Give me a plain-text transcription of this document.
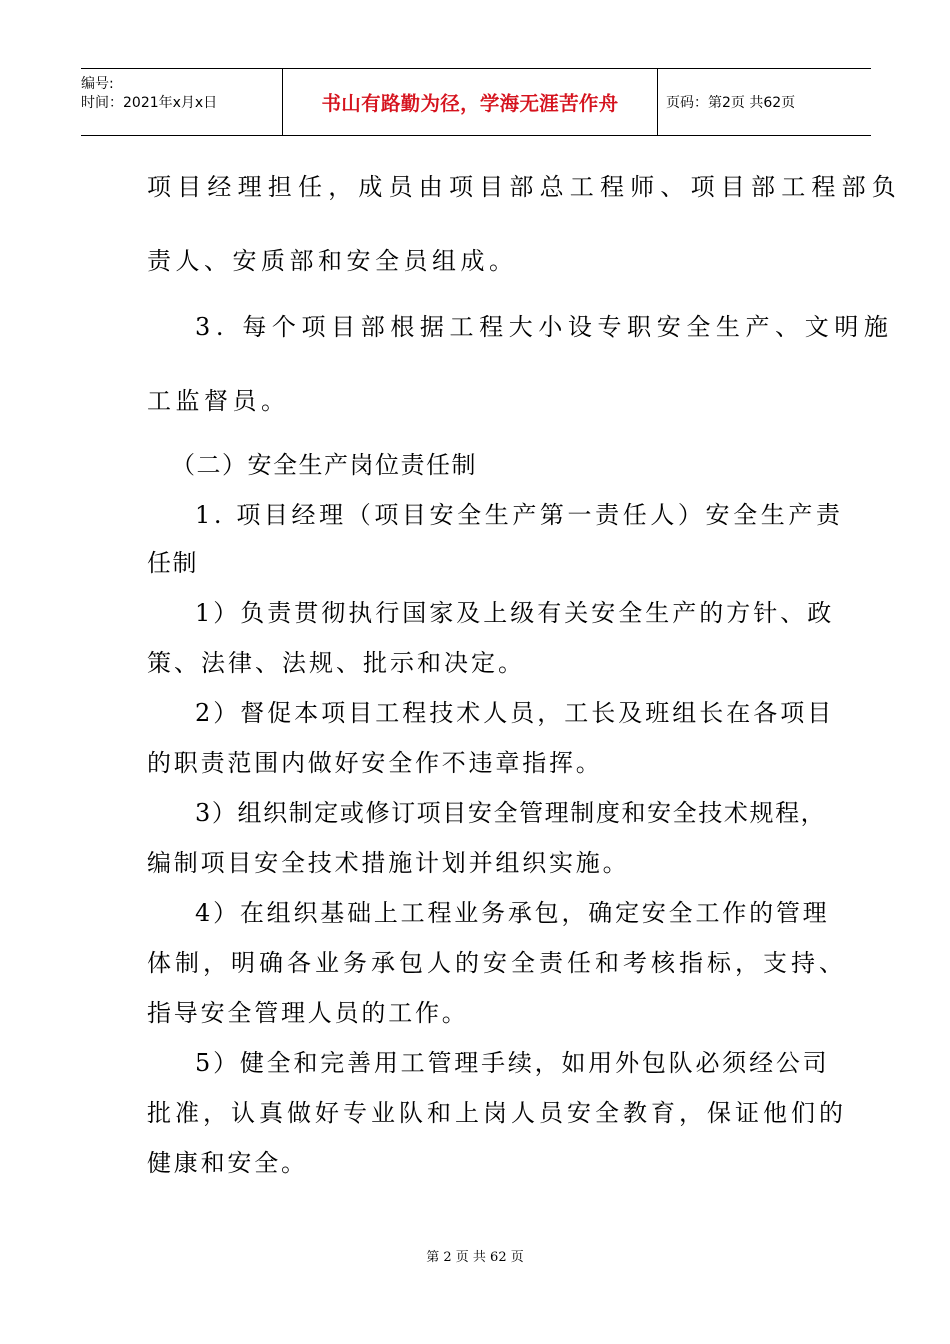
编号:
时间：2021年x月x日	书山有路勤为径，学海无涯苦作舟	页码：第2页 共62页
项目经理担任，成员由项目部总工程师、项目部工程部负
责人、安质部和安全员组成。
3. 每个项目部根据工程大小设专职安全生产、文明施
工监督员。
（二）安全生产岗位责任制
1. 项目经理（项目安全生产第一责任人）安全生产责
任制
1）负责贯彻执行国家及上级有关安全生产的方针、政
策、法律、法规、批示和决定。
2）督促本项目工程技术人员，工长及班组长在各项目
的职责范围内做好安全作不违章指挥。
3）组织制定或修订项目安全管理制度和安全技术规程，
编制项目安全技术措施计划并组织实施。
4）在组织基础上工程业务承包，确定安全工作的管理
体制，明确各业务承包人的安全责任和考核指标，支持、
指导安全管理人员的工作。
5）健全和完善用工管理手续，如用外包队必须经公司
批准，认真做好专业队和上岗人员安全教育，保证他们的
健康和安全。
第 2 页 共 62 页
